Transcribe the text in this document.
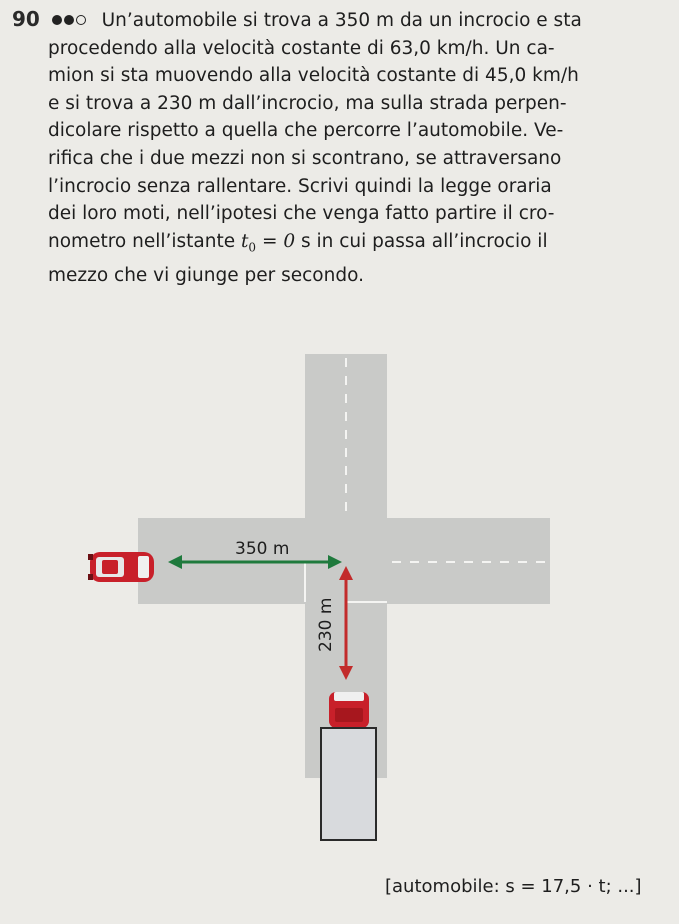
90	Un’automobile si trova a 350 m da un incrocio e sta
procedendo alla velocità costante di 63,0 km/h. Un ca-
mion si sta muovendo alla velocità costante di 45,0 km/h
e si trova a 230 m dall’incrocio, ma sulla strada perpen-
dicolare rispetto a quella che percorre l’automobile. Ve-
rifica che i due mezzi non si scontrano, se attraversano
l’incrocio senza rallentare. Scrivi quindi la legge oraria
dei loro moti, nell’ipotesi che venga fatto partire il cro-
nometro nell’istante $t_0 = 0$ s in cui passa all’incrocio il
mezzo che vi giunge per secondo.

350 m
230 m
[automobile: s = 17,5 · t; ...]
